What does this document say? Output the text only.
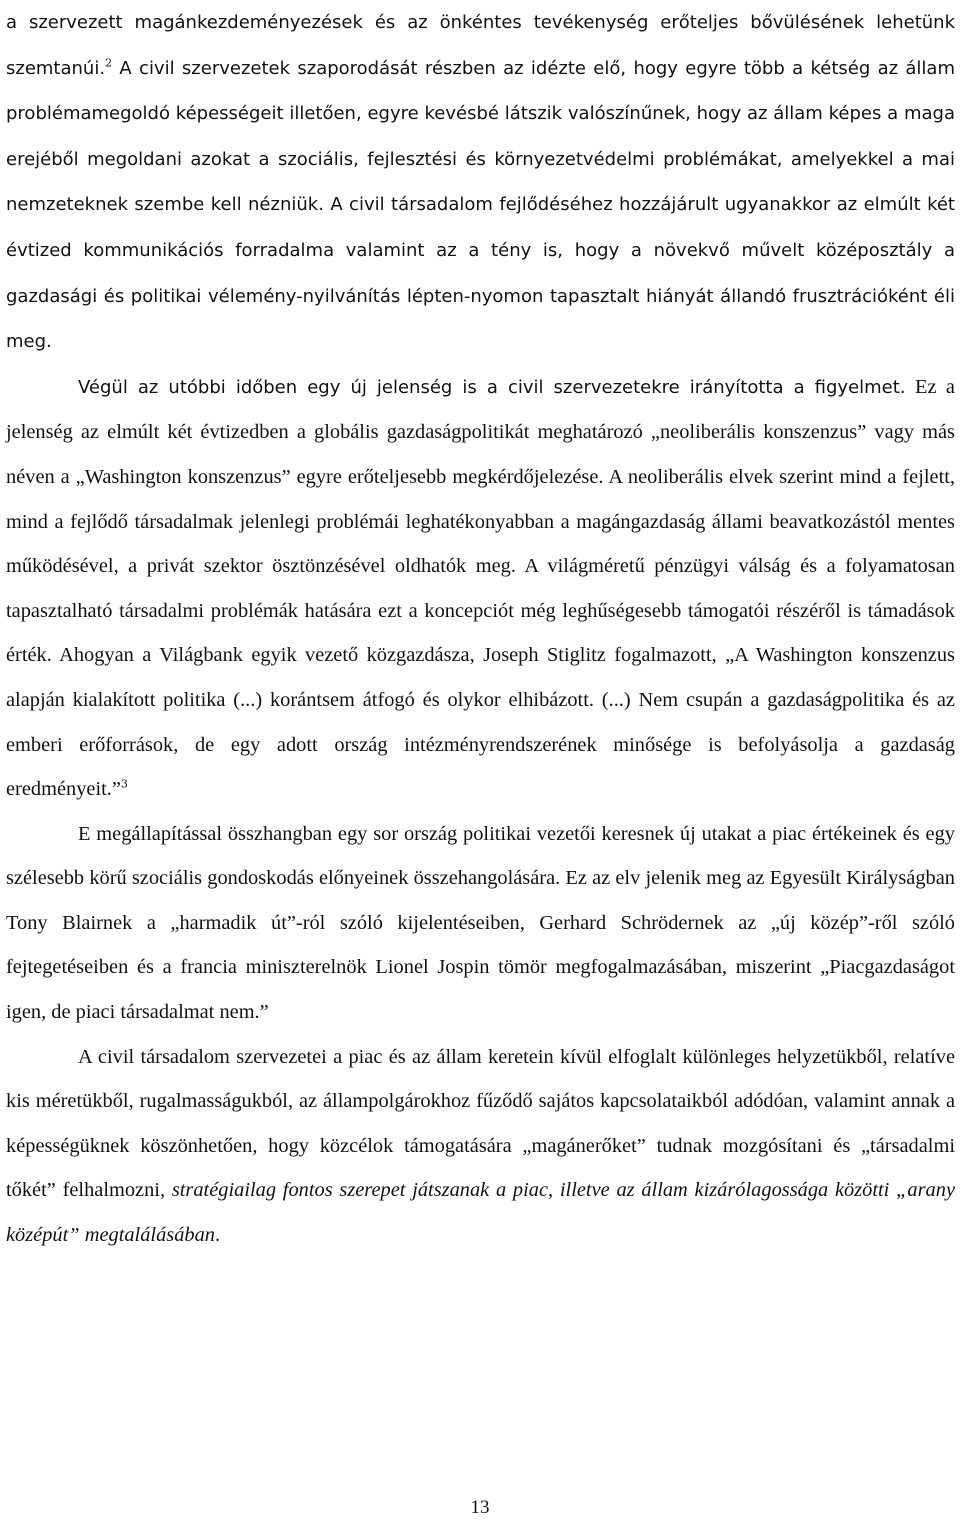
a szervezett magánkezdeményezések és az önkéntes tevékenység erőteljes bővülésének lehetünk szemtanúi.$^2$ A civil szervezetek szaporodását részben az idézte elő, hogy egyre több a kétség az állam problémamegoldó képességeit illetően, egyre kevésbé látszik valószínűnek, hogy az állam képes a maga erejéből megoldani azokat a szociális, fejlesztési és környezetvédelmi problémákat, amelyekkel a mai nemzeteknek szembe kell nézniük. A civil társadalom fejlődéséhez hozzájárult ugyanakkor az elmúlt két évtized kommunikációs forradalma valamint az a tény is, hogy a növekvő művelt középosztály a gazdasági és politikai vélemény-nyilvánítás lépten-nyomon tapasztalt hiányát állandó frusztrációként éli meg.

Végül az utóbbi időben egy új jelenség is a civil szervezetekre irányította a figyelmet. Ez a jelenség az elmúlt két évtizedben a globális gazdaságpolitikát meghatározó „neoliberális konszenzus” vagy más néven a „Washington konszenzus” egyre erőteljesebb megkérdőjelezése. A neoliberális elvek szerint mind a fejlett, mind a fejlődő társadalmak jelenlegi problémái leghatékonyabban a magángazdaság állami beavatkozástól mentes működésével, a privát szektor ösztönzésével oldhatók meg. A világméretű pénzügyi válság és a folyamatosan tapasztalható társadalmi problémák hatására ezt a koncepciót még leghűségesebb támogatói részéről is támadások érték. Ahogyan a Világbank egyik vezető közgazdásza, Joseph Stiglitz fogalmazott, „A Washington konszenzus alapján kialakított politika (...) korántsem átfogó és olykor elhibázott. (...) Nem csupán a gazdaságpolitika és az emberi erőforrások, de egy adott ország intézményrendszerének minősége is befolyásolja a gazdaság eredményeit.”$^3$

E megállapítással összhangban egy sor ország politikai vezetői keresnek új utakat a piac értékeinek és egy szélesebb körű szociális gondoskodás előnyeinek összehangolására. Ez az elv jelenik meg az Egyesült Királyságban Tony Blairnek a „harmadik út”-ról szóló kijelentéseiben, Gerhard Schrödernek az „új közép”-ről szóló fejtegetéseiben és a francia miniszterelnök Lionel Jospin tömör megfogalmazásában, miszerint „Piacgazdaságot igen, de piaci társadalmat nem.”

A civil társadalom szervezetei a piac és az állam keretein kívül elfoglalt különleges helyzetükből, relatíve kis méretükből, rugalmasságukból, az állampolgárokhoz fűződő sajátos kapcsolataikból adódóan, valamint annak a képességüknek köszönhetően, hogy közcélok támogatására „magánerőket” tudnak mozgósítani és „társadalmi tőkét” felhalmozni, stratégiailag fontos szerepet játszanak a piac, illetve az állam kizárólagossága közötti „arany középút” megtalálásában.

13
